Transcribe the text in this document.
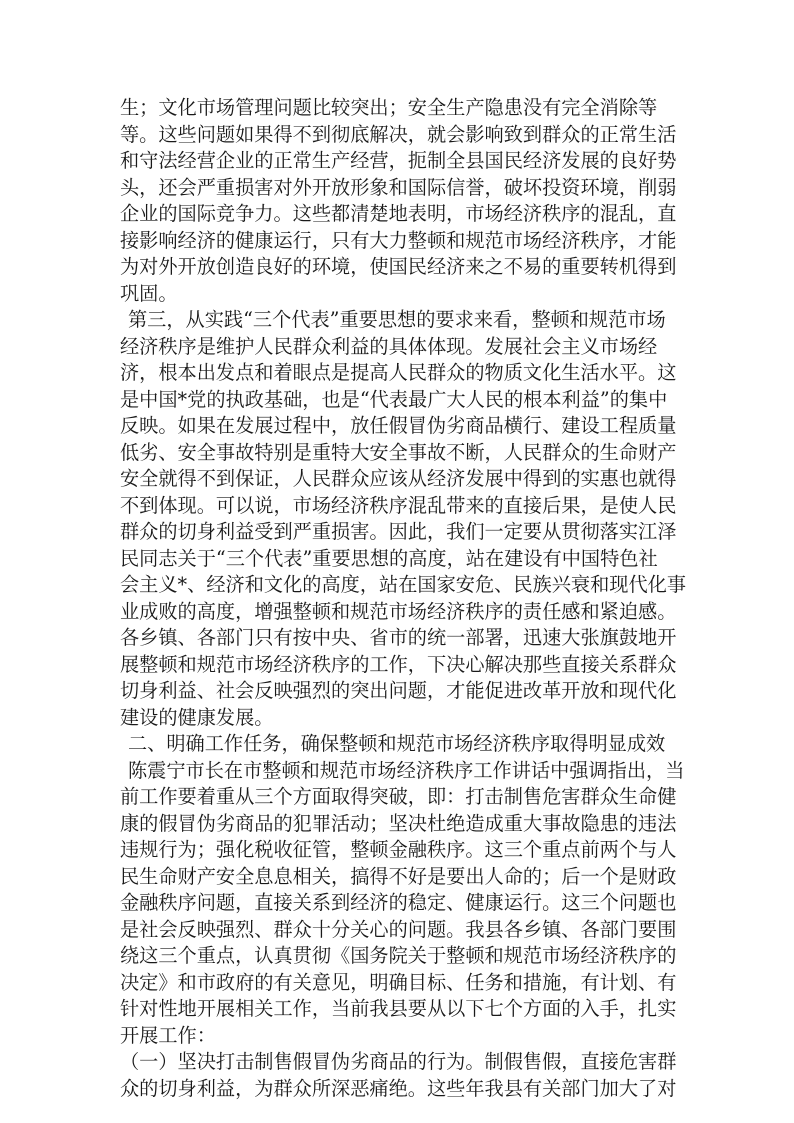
生；文化市场管理问题比较突出；安全生产隐患没有完全消除等
等。这些问题如果得不到彻底解决，就会影响致到群众的正常生活
和守法经营企业的正常生产经营，扼制全县国民经济发展的良好势
头，还会严重损害对外开放形象和国际信誉，破坏投资环境，削弱
企业的国际竞争力。这些都清楚地表明，市场经济秩序的混乱，直
接影响经济的健康运行，只有大力整顿和规范市场经济秩序，才能
为对外开放创造良好的环境，使国民经济来之不易的重要转机得到
巩固。
第三，从实践“三个代表”重要思想的要求来看，整顿和规范市场
经济秩序是维护人民群众利益的具体体现。发展社会主义市场经
济，根本出发点和着眼点是提高人民群众的物质文化生活水平。这
是中国*党的执政基础，也是“代表最广大人民的根本利益”的集中
反映。如果在发展过程中，放任假冒伪劣商品横行、建设工程质量
低劣、安全事故特别是重特大安全事故不断，人民群众的生命财产
安全就得不到保证，人民群众应该从经济发展中得到的实惠也就得
不到体现。可以说，市场经济秩序混乱带来的直接后果，是使人民
群众的切身利益受到严重损害。因此，我们一定要从贯彻落实江泽
民同志关于“三个代表”重要思想的高度，站在建设有中国特色社
会主义*、经济和文化的高度，站在国家安危、民族兴衰和现代化事
业成败的高度，增强整顿和规范市场经济秩序的责任感和紧迫感。
各乡镇、各部门只有按中央、省市的统一部署，迅速大张旗鼓地开
展整顿和规范市场经济秩序的工作，下决心解决那些直接关系群众
切身利益、社会反映强烈的突出问题，才能促进改革开放和现代化
建设的健康发展。
二、明确工作任务，确保整顿和规范市场经济秩序取得明显成效
陈震宁市长在市整顿和规范市场经济秩序工作讲话中强调指出，当
前工作要着重从三个方面取得突破，即：打击制售危害群众生命健
康的假冒伪劣商品的犯罪活动；坚决杜绝造成重大事故隐患的违法
违规行为；强化税收征管，整顿金融秩序。这三个重点前两个与人
民生命财产安全息息相关，搞得不好是要出人命的；后一个是财政
金融秩序问题，直接关系到经济的稳定、健康运行。这三个问题也
是社会反映强烈、群众十分关心的问题。我县各乡镇、各部门要围
绕这三个重点，认真贯彻《国务院关于整顿和规范市场经济秩序的
决定》和市政府的有关意见，明确目标、任务和措施，有计划、有
针对性地开展相关工作，当前我县要从以下七个方面的入手，扎实
开展工作：
（一）坚决打击制售假冒伪劣商品的行为。制假售假，直接危害群
众的切身利益，为群众所深恶痛绝。这些年我县有关部门加大了对
